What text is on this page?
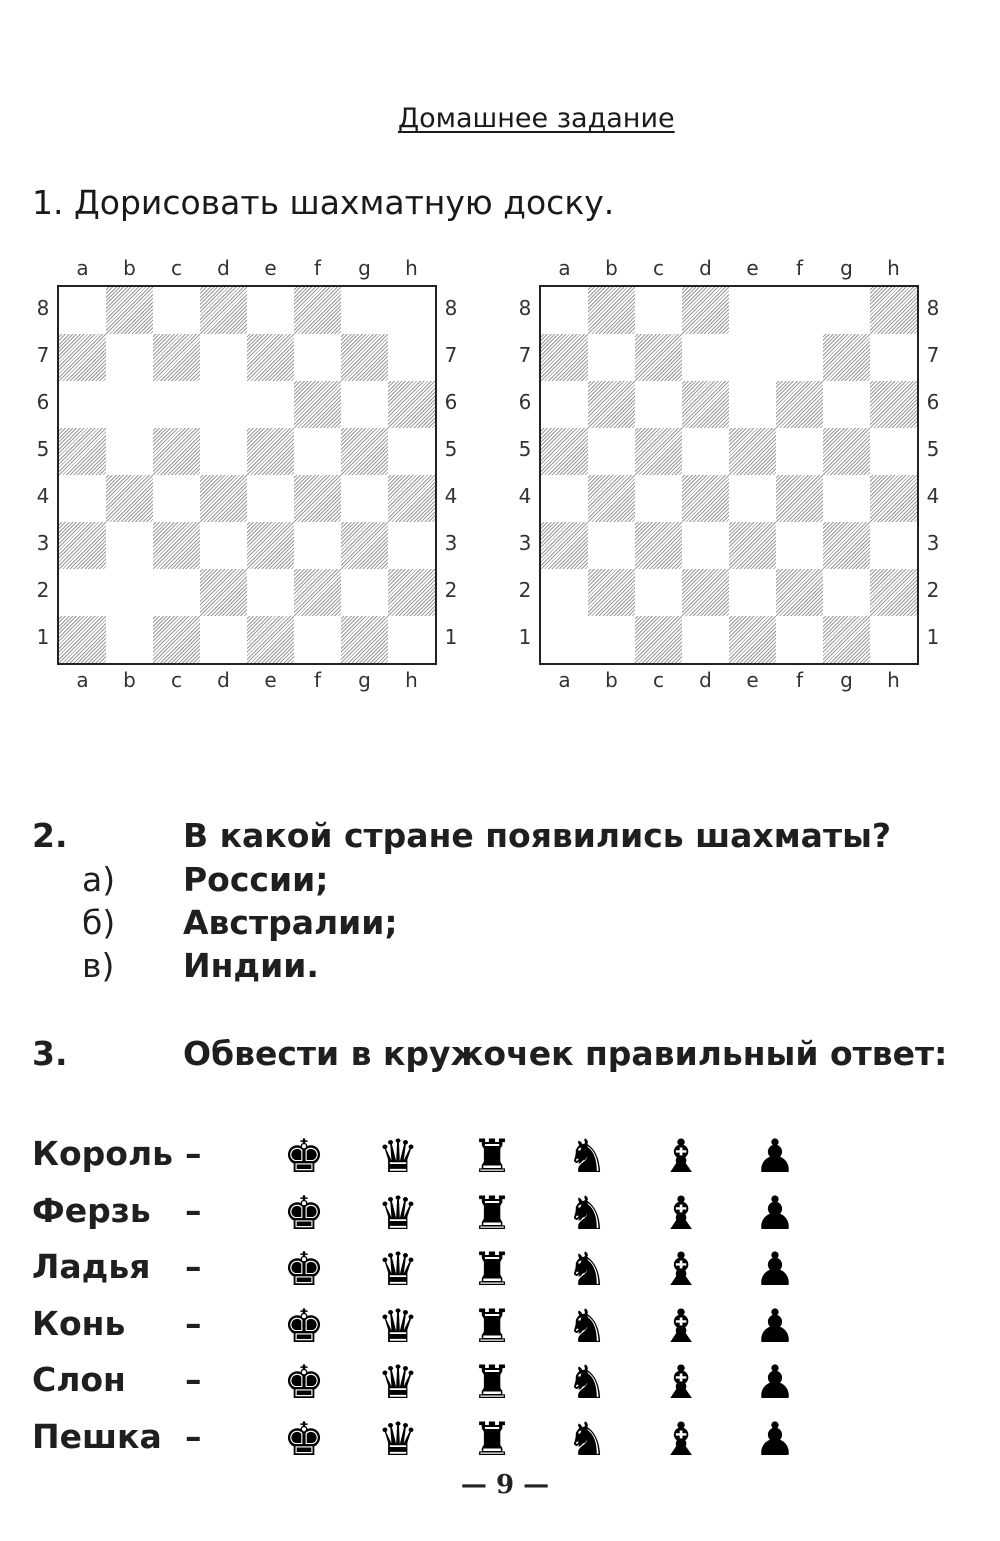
Домашнее задание
1. Дорисовать шахматную доску.
a	b	c	d	e	f	g	h
a	b	c	d	e	f	g	h
8	8
7	7
6	6
5	5
4	4
3	3
2	2
1	1
a	b	c	d	e	f	g	h
a	b	c	d	e	f	g	h
8	8
7	7
6	6
5	5
4	4
3	3
2	2
1	1
2.	В какой стране появились шахматы?
а) России;
б) Австралии;
в) Индии.
3.	Обвести в кружочек правильный ответ:
Король – ♚ ♛ ♜ ♞ ♝ ♟
Ферзь – ♚ ♛ ♜ ♞ ♝ ♟
Ладья – ♚ ♛ ♜ ♞ ♝ ♟
Конь – ♚ ♛ ♜ ♞ ♝ ♟
Слон – ♚ ♛ ♜ ♞ ♝ ♟
Пешка – ♚ ♛ ♜ ♞ ♝ ♟
— 9 —
